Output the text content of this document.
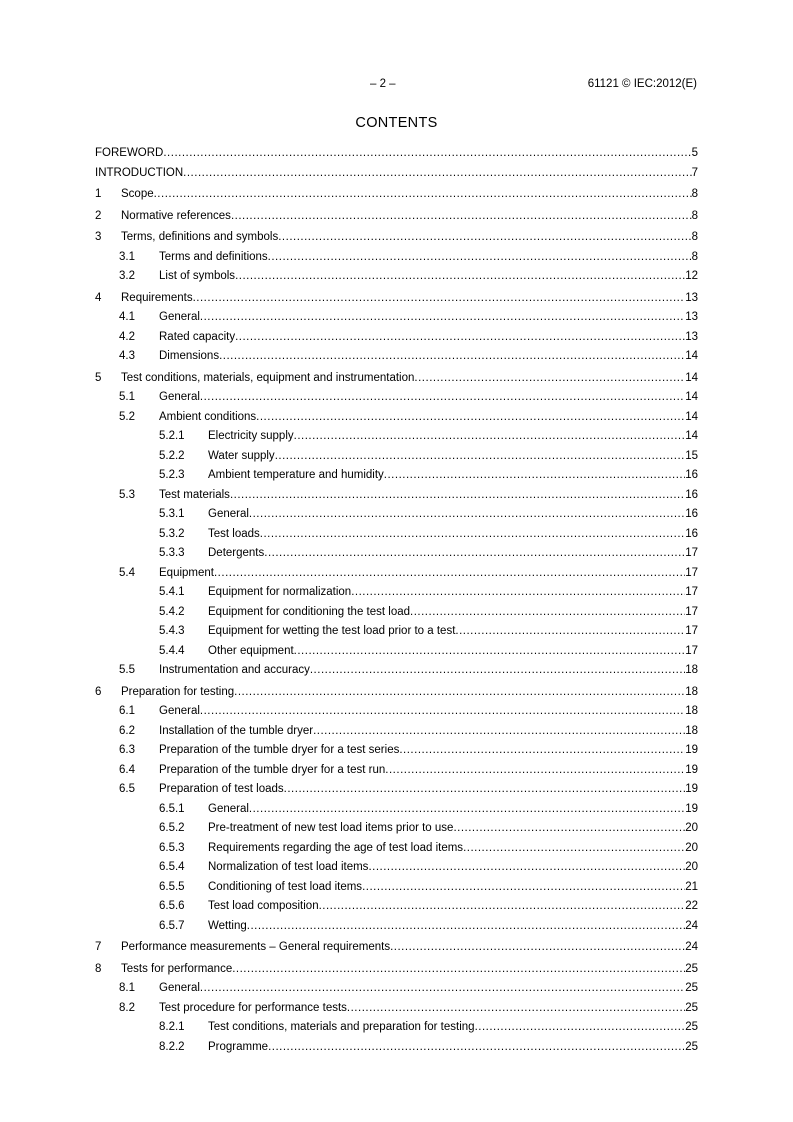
– 2 –	61121 © IEC:2012(E)
CONTENTS
FOREWORD .....	5
INTRODUCTION .....	7
1 Scope .....	8
2 Normative references .....	8
3 Terms, definitions and symbols .....	8
3.1 Terms and definitions .....	8
3.2 List of symbols .....	12
4 Requirements .....	13
4.1 General .....	13
4.2 Rated capacity .....	13
4.3 Dimensions .....	14
5 Test conditions, materials, equipment and instrumentation .....	14
5.1 General .....	14
5.2 Ambient conditions .....	14
5.2.1 Electricity supply .....	14
5.2.2 Water supply .....	15
5.2.3 Ambient temperature and humidity .....	16
5.3 Test materials .....	16
5.3.1 General .....	16
5.3.2 Test loads .....	16
5.3.3 Detergents .....	17
5.4 Equipment .....	17
5.4.1 Equipment for normalization .....	17
5.4.2 Equipment for conditioning the test load .....	17
5.4.3 Equipment for wetting the test load prior to a test .....	17
5.4.4 Other equipment .....	17
5.5 Instrumentation and accuracy .....	18
6 Preparation for testing .....	18
6.1 General .....	18
6.2 Installation of the tumble dryer .....	18
6.3 Preparation of the tumble dryer for a test series .....	19
6.4 Preparation of the tumble dryer for a test run .....	19
6.5 Preparation of test loads .....	19
6.5.1 General .....	19
6.5.2 Pre-treatment of new test load items prior to use .....	20
6.5.3 Requirements regarding the age of test load items .....	20
6.5.4 Normalization of test load items .....	20
6.5.5 Conditioning of test load items .....	21
6.5.6 Test load composition .....	22
6.5.7 Wetting .....	24
7 Performance measurements – General requirements .....	24
8 Tests for performance .....	25
8.1 General .....	25
8.2 Test procedure for performance tests .....	25
8.2.1 Test conditions, materials and preparation for testing .....	25
8.2.2 Programme .....	25
